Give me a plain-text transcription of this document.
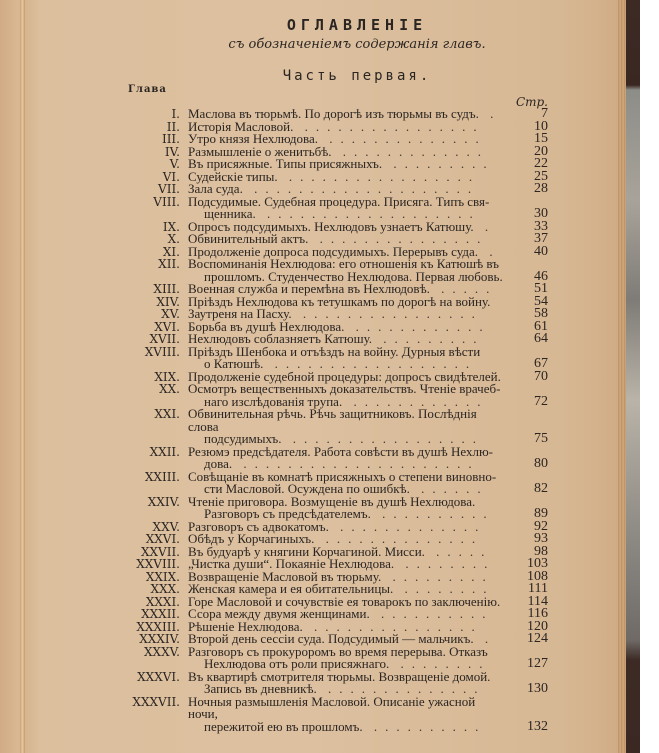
ОГЛАВЛЕНІЕ
съ обозначеніемъ содержанія главъ.
Часть первая.
Глава
Стр.
I. Маслова въ тюрьмѣ. По дорогѣ изъ тюрьмы въ судъ. .	7
II. Исторія Масловой. ................	10
III. Утро князя Нехлюдова. ..............	15
IV. Размышленіе о женитьбѣ. .............	20
V. Въ присяжные. Типы присяжныхъ. .........	22
VI. Судейскіе типы. .................	25
VII. Зала суда. ....................	28
VIII. Подсудимые. Судебная процедура. Присяга. Типъ свя-
щенника. ...................	30
IX. Опросъ подсудимыхъ. Нехлюдовъ узнаетъ Катюшу. .	33
X. Обвинительный актъ. ...............	37
XI. Продолженіе допроса подсудимыхъ. Перерывъ суда. .	40
XII. Воспоминанія Нехлюдова: его отношенія къ Катюшѣ въ
прошломъ. Студенчество Нехлюдова. Первая любовь.	46
XIII. Военная служба и перемѣна въ Нехлюдовѣ. .....	51
XIV. Пріѣздъ Нехлюдова къ тетушкамъ по дорогѣ на войну.	54
XV. Заутреня на Пасху. ................	58
XVI. Борьба въ душѣ Нехлюдова. ............	61
XVII. Нехлюдовъ соблазняетъ Катюшу. .........	64
XVIII. Пріѣздъ Шенбока и отъѣздъ на войну. Дурныя вѣсти
о Катюшѣ. ..................	67
XIX. Продолженіе судебной процедуры: допросъ свидѣтелей.	70
XX. Осмотръ вещественныхъ доказательствъ. Чтеніе врачеб-
наго изслѣдованія трупа. ............	72
XXI. Обвинительная рѣчь. Рѣчь защитниковъ. Послѣднія слова
подсудимыхъ. .................	75
XXII. Резюмэ предсѣдателя. Работа совѣсти въ душѣ Нехлю-
дова. .....................	80
XXIII. Совѣщаніе въ комнатѣ присяжныхъ о степени виновно-
сти Масловой. Осуждена по ошибкѣ. ......	82
XXIV. Чтеніе приговора. Возмущеніе въ душѣ Нехлюдова.
Разговоръ съ предсѣдателемъ. ..........	89
XXV. Разговоръ съ адвокатомъ. .............	92
XXVI. Обѣдъ у Корчагиныхъ. ..............	93
XXVII. Въ будуарѣ у княгини Корчагиной. Мисси. .....	98
XXVIII. „Чистка души“. Покаяніе Нехлюдова. ........	103
XXIX. Возвращеніе Масловой въ тюрьму. .........	108
XXX. Женская камера и ея обитательницы. ........	111
XXXI. Горе Масловой и сочувствіе ея товарокъ по заключенію.	114
XXXII. Ссора между двумя женщинами. ..........	116
XXXIII. Рѣшеніе Нехлюдова. ...............	120
XXXIV. Второй день сессіи суда. Подсудимый — мальчикъ. .	124
XXXV. Разговоръ съ прокуроромъ во время перерыва. Отказъ
Нехлюдова отъ роли присяжнаго. ........	127
XXXVI. Въ квартирѣ смотрителя тюрьмы. Возвращеніе домой.
Запись въ дневникѣ. ..............	130
XXXVII. Ночныя размышленія Масловой. Описаніе ужасной ночи,
пережитой ею въ прошломъ. ..........	132
